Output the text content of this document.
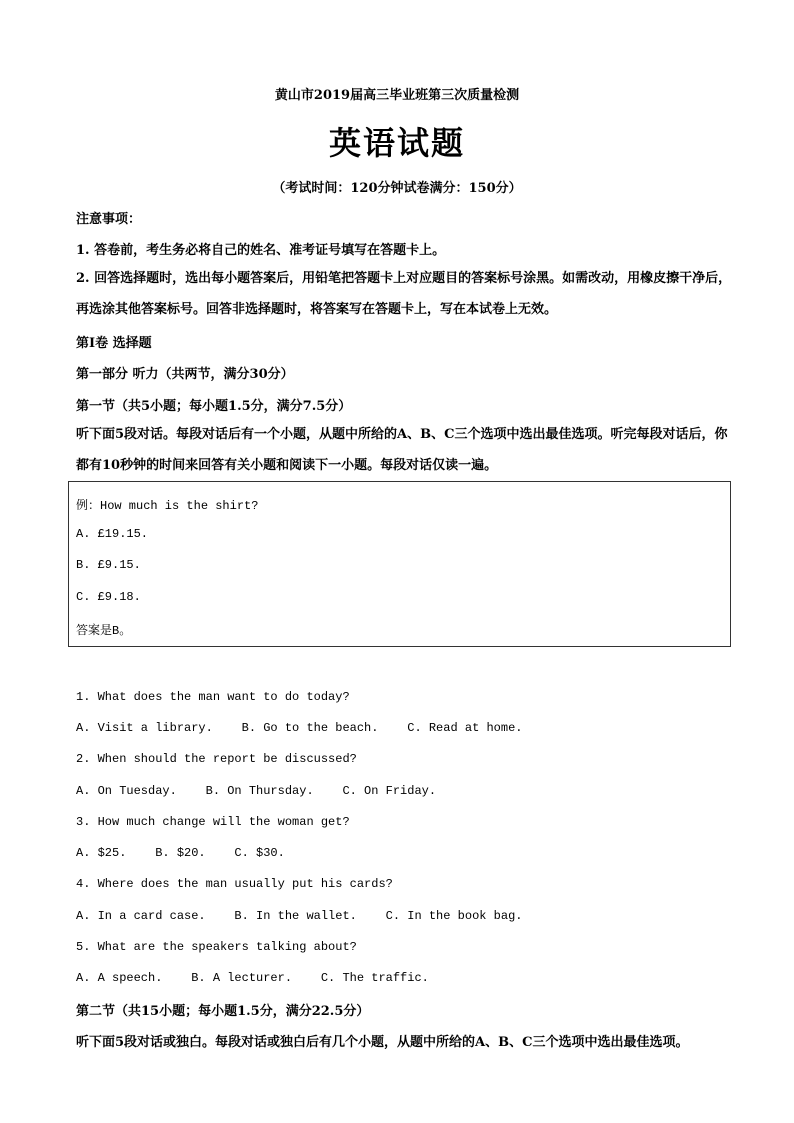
黄山市2019届高三毕业班第三次质量检测
英语试题
（考试时间：120分钟试卷满分：150分）
注意事项：
1. 答卷前，考生务必将自己的姓名、准考证号填写在答题卡上。
2. 回答选择题时，选出每小题答案后，用铅笔把答题卡上对应题目的答案标号涂黑。如需改动，用橡皮擦干净后，再选涂其他答案标号。回答非选择题时，将答案写在答题卡上，写在本试卷上无效。
第Ⅰ卷 选择题
第一部分 听力（共两节，满分30分）
第一节（共5小题；每小题1.5分，满分7.5分）
听下面5段对话。每段对话后有一个小题，从题中所给的A、B、C三个选项中选出最佳选项。听完每段对话后，你都有10秒钟的时间来回答有关小题和阅读下一小题。每段对话仅读一遍。
例：How much is the shirt?
A. £19.15.
B. £9.15.
C. £9.18.
答案是B。
1. What does the man want to do today?
A. Visit a library.    B. Go to the beach.    C. Read at home.
2. When should the report be discussed?
A. On Tuesday.    B. On Thursday.    C. On Friday.
3. How much change will the woman get?
A. $25.    B. $20.    C. $30.
4. Where does the man usually put his cards?
A. In a card case.    B. In the wallet.    C. In the book bag.
5. What are the speakers talking about?
A. A speech.    B. A lecturer.    C. The traffic.
第二节（共15小题；每小题1.5分，满分22.5分）
听下面5段对话或独白。每段对话或独白后有几个小题，从题中所给的A、B、C三个选项中选出最佳选项。
